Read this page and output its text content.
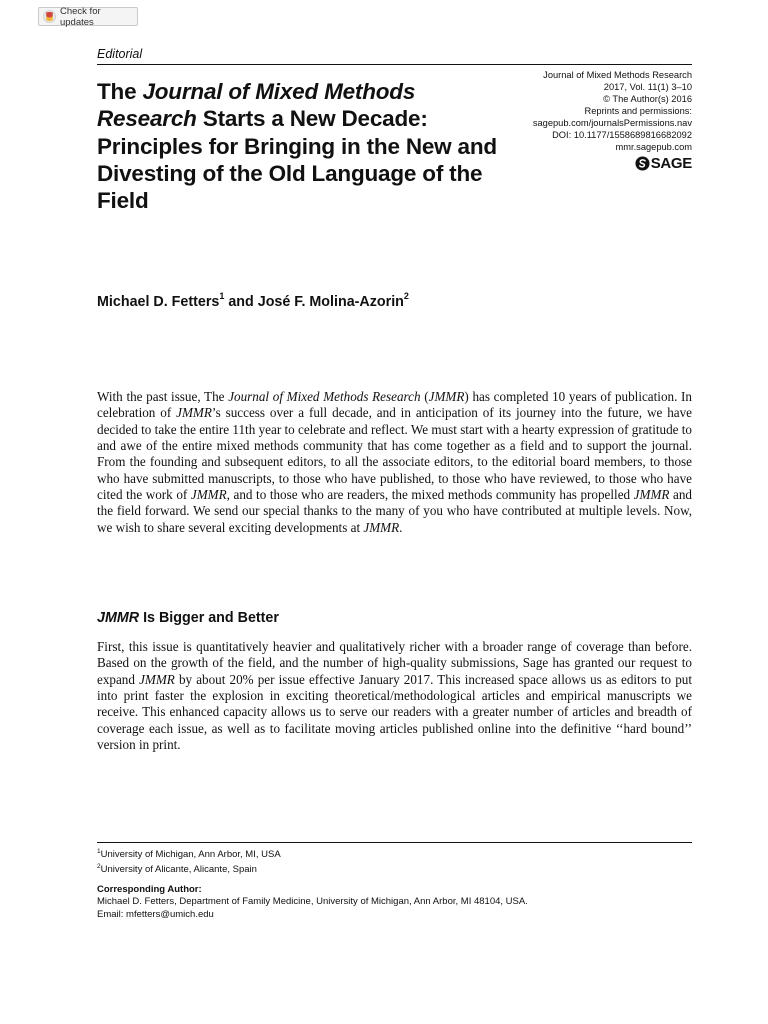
Check for updates
Editorial
Journal of Mixed Methods Research
2017, Vol. 11(1) 3–10
© The Author(s) 2016
Reprints and permissions:
sagepub.com/journalsPermissions.nav
DOI: 10.1177/1558689816682092
mmr.sagepub.com
SAGE
The Journal of Mixed Methods Research Starts a New Decade: Principles for Bringing in the New and Divesting of the Old Language of the Field

Michael D. Fetters$^1$ and José F. Molina-Azorin$^2$

With the past issue, The Journal of Mixed Methods Research (JMMR) has completed 10 years of publication. In celebration of JMMR’s success over a full decade, and in anticipation of its journey into the future, we have decided to take the entire 11th year to celebrate and reflect. We must start with a hearty expression of gratitude to and awe of the entire mixed methods community that has come together as a field and to support the journal. From the founding and subsequent editors, to all the associate editors, to the editorial board members, to those who have submitted manuscripts, to those who have published, to those who have reviewed, to those who have cited the work of JMMR, and to those who are readers, the mixed methods community has propelled JMMR and the field forward. We send our special thanks to the many of you who have contributed at multiple levels. Now, we wish to share several exciting developments at JMMR.

JMMR Is Bigger and Better

First, this issue is quantitatively heavier and qualitatively richer with a broader range of coverage than before. Based on the growth of the field, and the number of high-quality submissions, Sage has granted our request to expand JMMR by about 20% per issue effective January 2017. This increased space allows us as editors to put into print faster the explosion in exciting theoretical/methodological articles and empirical manuscripts we receive. This enhanced capacity allows us to serve our readers with a greater number of articles and breadth of coverage each issue, as well as to facilitate moving articles published online into the definitive ‘‘hard bound’’ version in print.

$^1$University of Michigan, Ann Arbor, MI, USA
$^2$University of Alicante, Alicante, Spain
Corresponding Author:
Michael D. Fetters, Department of Family Medicine, University of Michigan, Ann Arbor, MI 48104, USA.
Email: mfetters@umich.edu
